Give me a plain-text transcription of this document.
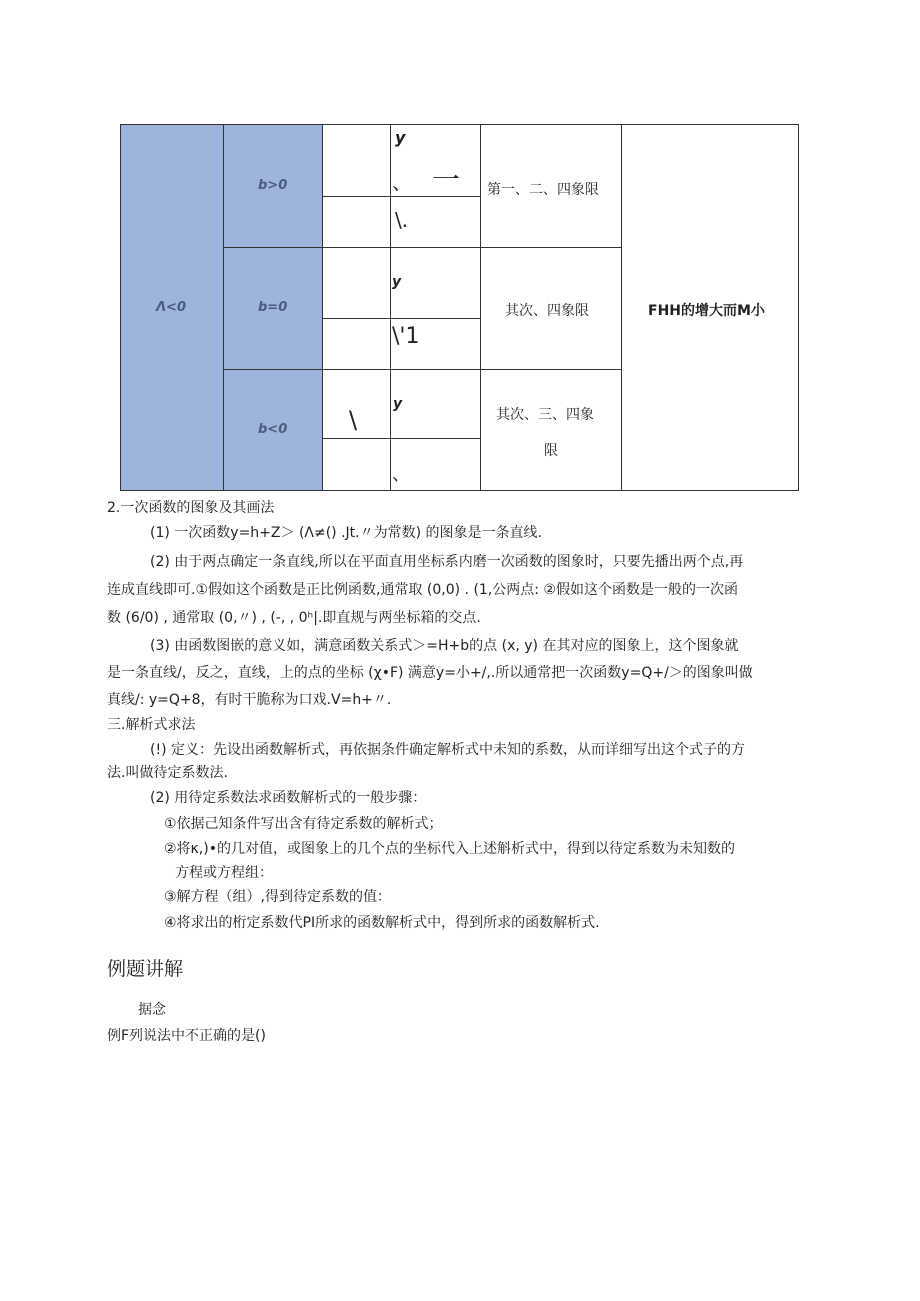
Λ<0
b>0
b=0
b<0
y
、 一
\.
y
\'1
\
y
、
第一、二、四象限
其次、四象限
其次、三、四象
限
FHH的增大而M小
2.一次函数的图象及其画法
(1) 一次函数y=h+Z＞ (Λ≠() .Jt.〃为常数) 的图象是一条直线.
(2) 由于两点确定一条直线,所以在平面直用坐标系内磨一次函数的图象时，只要先播出两个点,再
连成直线即可.①假如这个函数是正比例函数,通常取 (0,0) . (1,公两点: ②假如这个函数是一般的一次函
数 (6/0) , 通常取 (0,〃) , (-, , 0ʰ|.即直规与两坐标箱的交点.
(3) 由函数图嵌的意义如，满意函数关系式＞=H+b的点 (x, y) 在其对应的图象上，这个图象就
是一条直线/，反之，直线，上的点的坐标 (χ•F) 满意y=小+/,.所以通常把一次函数y=Q+/＞的图象叫做
真线/: y=Q+8，有时干脆称为口戏.V=h+〃.
三.解析式求法
(!) 定义：先设出函数解析式，再依据条件确定解析式中未知的系数，从而详细写出这个式子的方
法.叫做待定系数法.
(2) 用待定系数法求函数解析式的一般步骤：
①依据己知条件写出含有待定系数的解析式；
②将κ,)•的几对值，或图象上的几个点的坐标代入上述斛析式中，得到以待定系数为未知数的
方程或方程组：
③解方程（组）,得到待定系数的值：
④将求出的桁定系数代PI所求的函数解析式中，得到所求的函数解析式.
例题讲解
据念
例F列说法中不正确的是()
